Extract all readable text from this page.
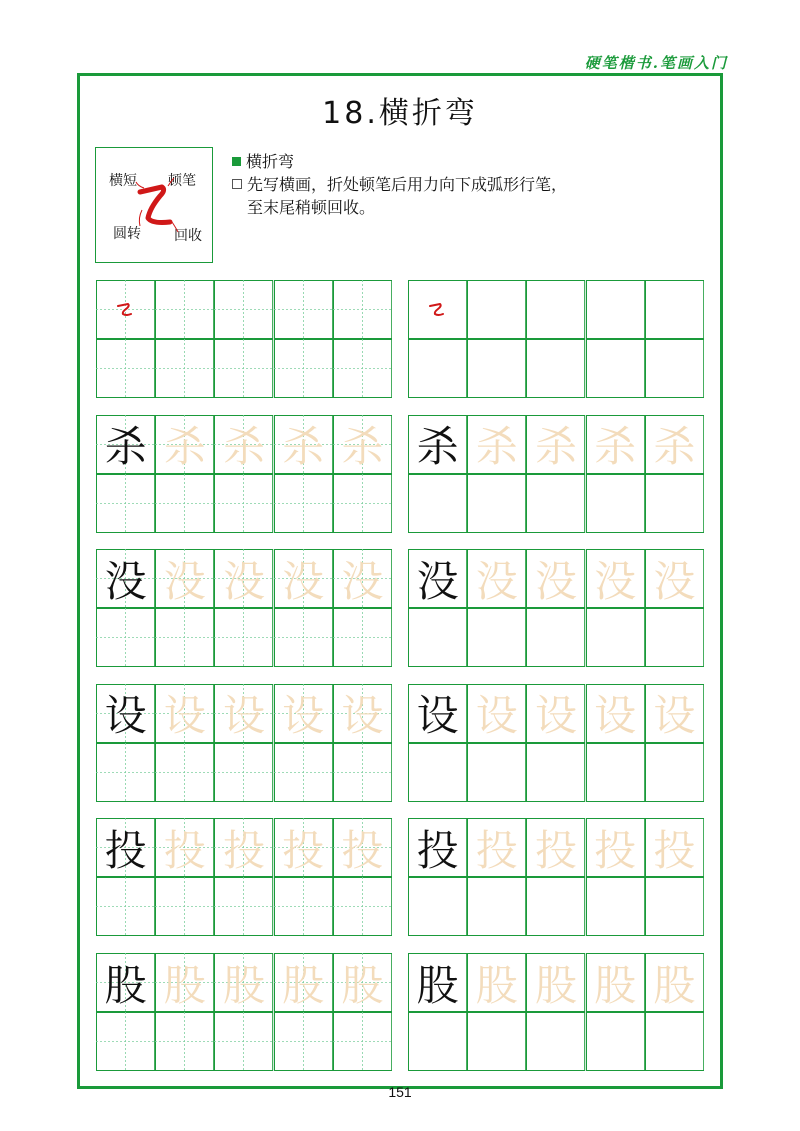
硬笔楷书.笔画入门
18.横折弯
横短 顿笔
圆转 回收
横折弯
先写横画，折处顿笔后用力向下成弧形行笔，
至末尾稍顿回收。
杀 杀 杀 杀 杀 杀 杀 杀 杀 杀
没 没 没 没 没 没 没 没 没 没
设 设 设 设 设 设 设 设 设 设
投 投 投 投 投 投 投 投 投 投
股 股 股 股 股 股 股 股 股 股
151
